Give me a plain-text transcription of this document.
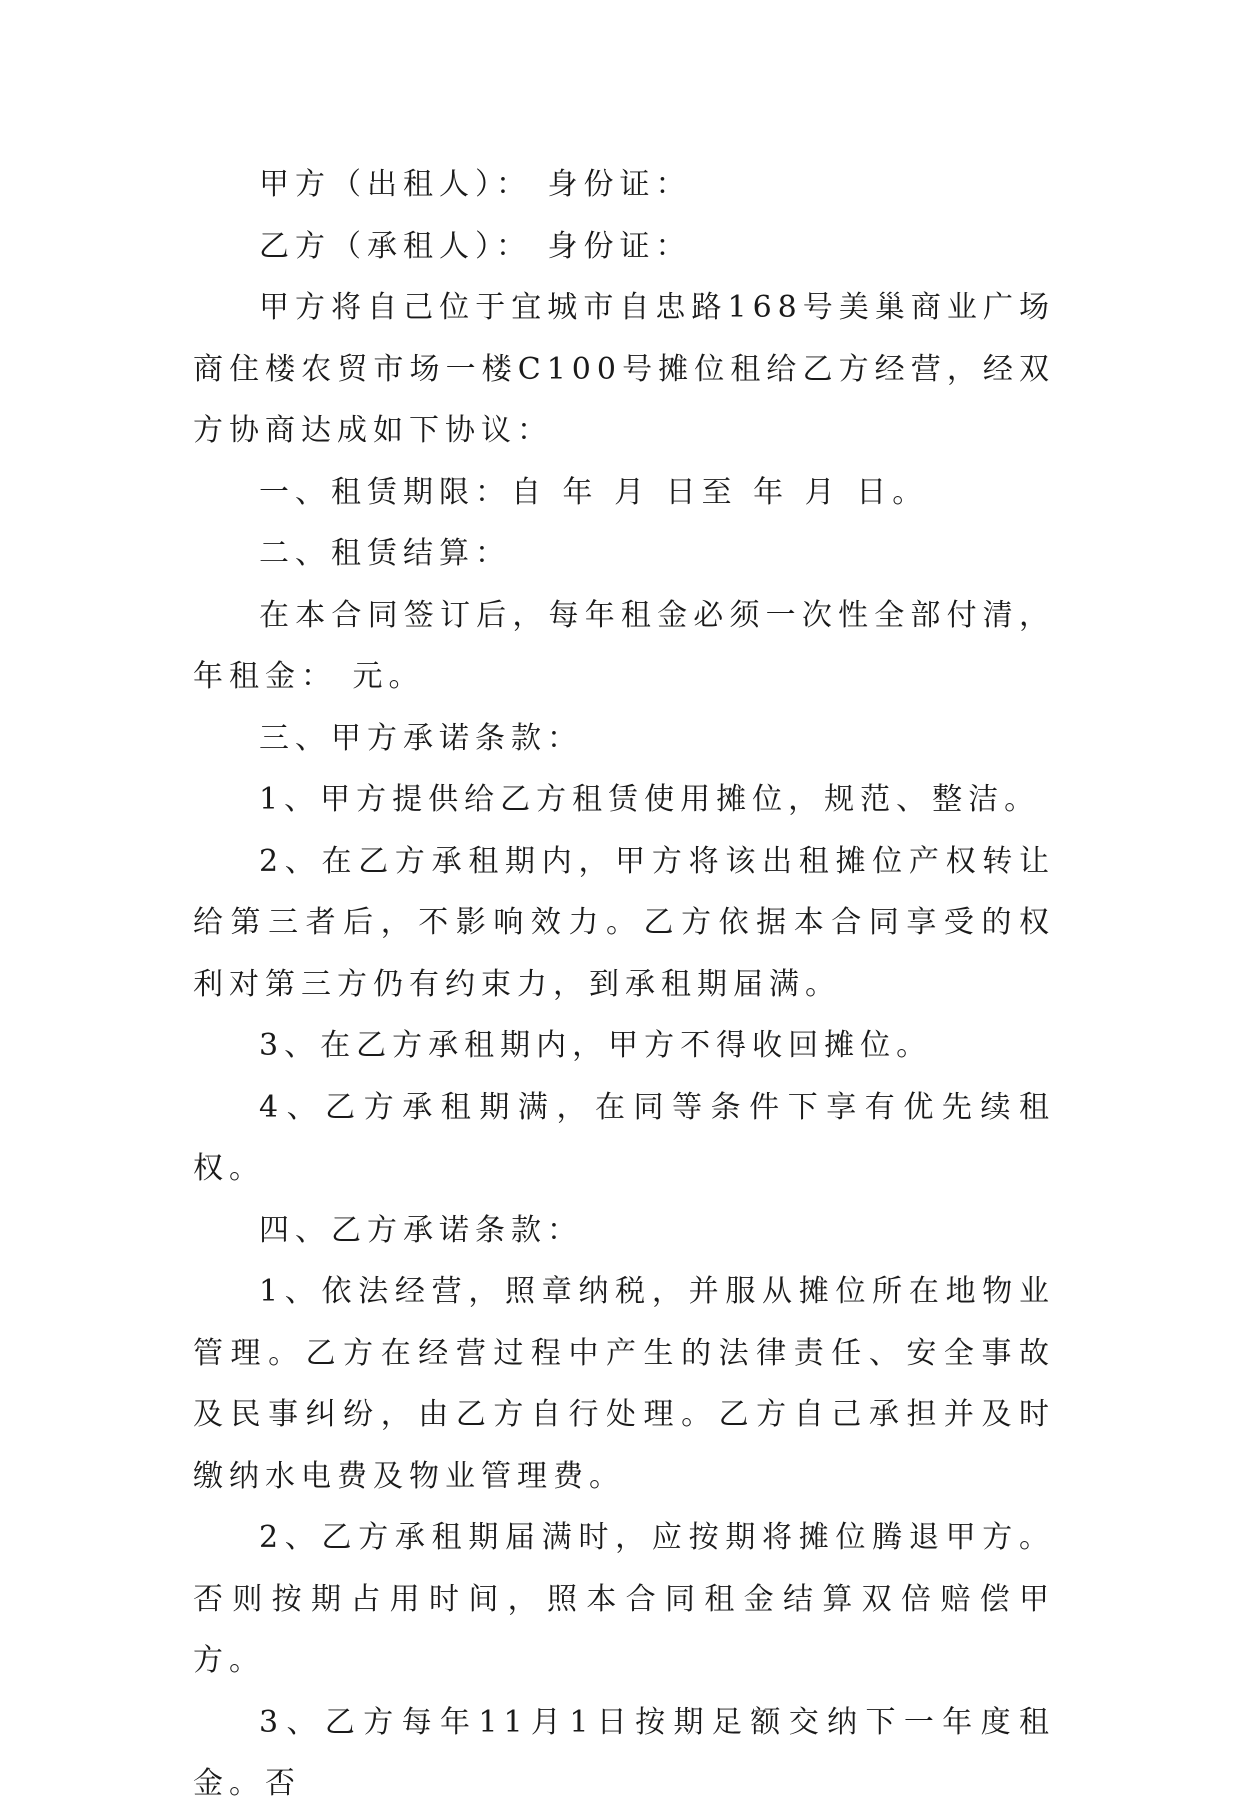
甲方（出租人）： 身份证：

乙方（承租人）： 身份证：

甲方将自己位于宜城市自忠路168号美巢商业广场商住楼农贸市场一楼C100号摊位租给乙方经营，经双方协商达成如下协议：

一、租赁期限：自 年 月 日至 年 月 日。

二、租赁结算：

在本合同签订后，每年租金必须一次性全部付清，年租金： 元。

三、甲方承诺条款：

1、甲方提供给乙方租赁使用摊位，规范、整洁。

2、在乙方承租期内，甲方将该出租摊位产权转让给第三者后，不影响效力。乙方依据本合同享受的权利对第三方仍有约束力，到承租期届满。

3、在乙方承租期内，甲方不得收回摊位。

4、乙方承租期满，在同等条件下享有优先续租权。

四、乙方承诺条款：

1、依法经营，照章纳税，并服从摊位所在地物业管理。乙方在经营过程中产生的法律责任、安全事故及民事纠纷，由乙方自行处理。乙方自己承担并及时缴纳水电费及物业管理费。

2、乙方承租期届满时，应按期将摊位腾退甲方。否则按期占用时间，照本合同租金结算双倍赔偿甲方。

3、乙方每年11月1日按期足额交纳下一年度租金。否
